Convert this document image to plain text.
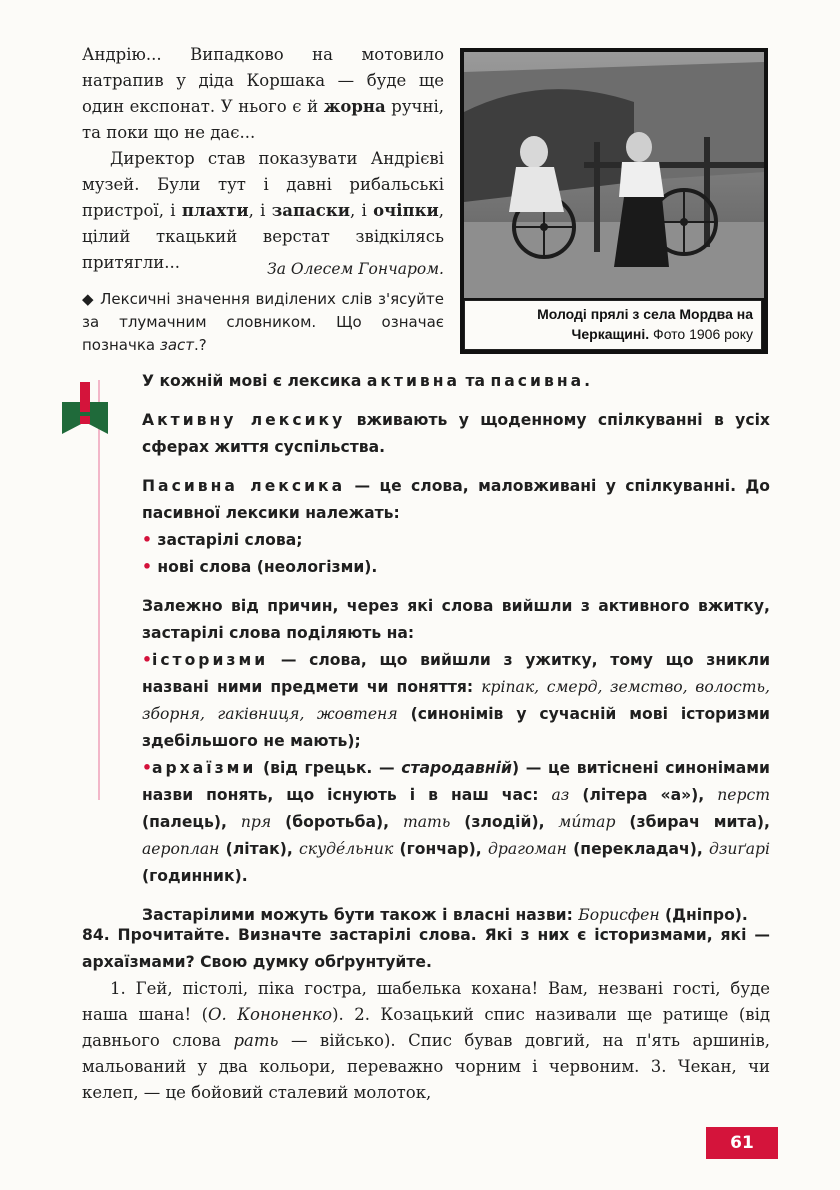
Андрію... Випадково на мотовило натрапив у діда Коршака — буде ще один експонат. У нього є й жорна ручні, та поки що не дає...

Директор став показувати Андрієві музей. Були тут і давні рибальські пристрої, і плахти, і запаски, і очіпки, цілий ткацький верстат звідкілясь притягли...	За Олесем Гончаром.
◆ Лексичні значення виділених слів з'ясуйте за тлумачним словником. Що означає позначка заст.?
Молоді прялі з села Мордва на Черкащині. Фото 1906 року

У кожній мові є лексика активна та пасивна.

Активну лексику вживають у щоденному спілкуванні в усіх сферах життя суспільства.

Пасивна лексика — це слова, маловживані у спілкуванні. До пасивної лексики належать:

• застарілі слова;

• нові слова (неологізми).

Залежно від причин, через які слова вийшли з активного вжитку, застарілі слова поділяють на:

•історизми — слова, що вийшли з ужитку, тому що зникли названі ними предмети чи поняття: кріпак, смерд, земство, волость, зборня, гаківниця, жовтеня (синонімів у сучасній мові історизми здебільшого не мають);

•архаїзми (від грецьк. — стародавній) — це витіснені синонімами назви понять, що існують і в наш час: аз (літера «а»), перст (палець), пря (боротьба), тать (злодій), ми́тар (збирач мита), аероплан (літак), скуде́льник (гончар), драгоман (перекладач), дзиґарі (годинник).

Застарілими можуть бути також і власні назви: Борисфен (Дніпро).

84. Прочитайте. Визначте застарілі слова. Які з них є історизмами, які — архаїзмами? Свою думку обґрунтуйте.

1. Гей, пістолі, піка гостра, шабелька кохана! Вам, незвані гості, буде наша шана! (О. Кононенко). 2. Козацький спис називали ще ратище (від давнього слова рать — військо). Спис бував довгий, на п'ять аршинів, мальований у два кольори, переважно чорним і червоним. 3. Чекан, чи келеп, — це бойовий сталевий молоток,

61
